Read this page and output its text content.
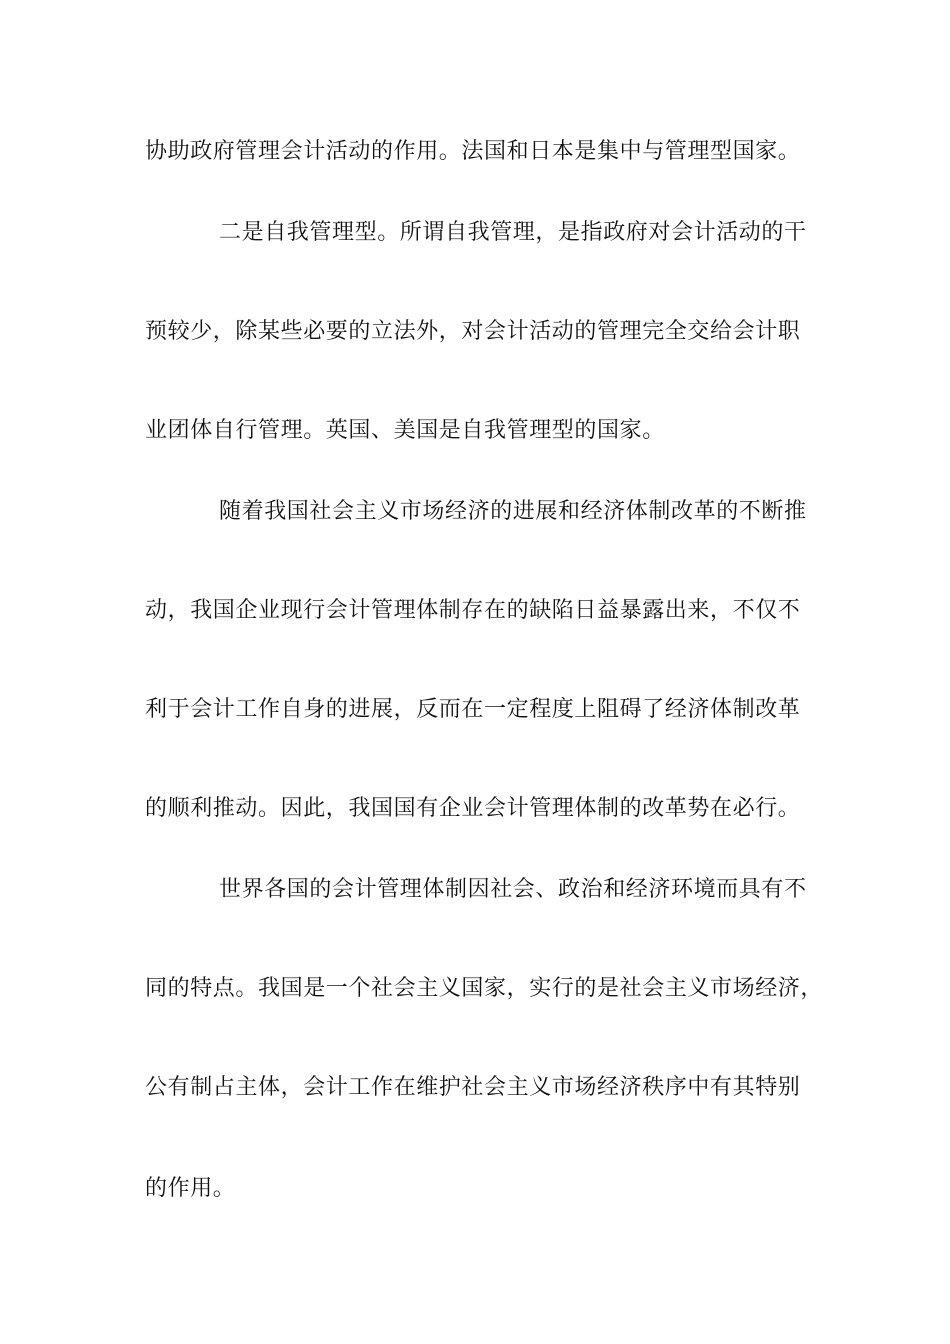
协助政府管理会计活动的作用。法国和日本是集中与管理型国家。
二是自我管理型。所谓自我管理，是指政府对会计活动的干
预较少，除某些必要的立法外，对会计活动的管理完全交给会计职
业团体自行管理。英国、美国是自我管理型的国家。
随着我国社会主义市场经济的进展和经济体制改革的不断推
动，我国企业现行会计管理体制存在的缺陷日益暴露出来，不仅不
利于会计工作自身的进展，反而在一定程度上阻碍了经济体制改革
的顺利推动。因此，我国国有企业会计管理体制的改革势在必行。
世界各国的会计管理体制因社会、政治和经济环境而具有不
同的特点。我国是一个社会主义国家，实行的是社会主义市场经济，
公有制占主体，会计工作在维护社会主义市场经济秩序中有其特别
的作用。
